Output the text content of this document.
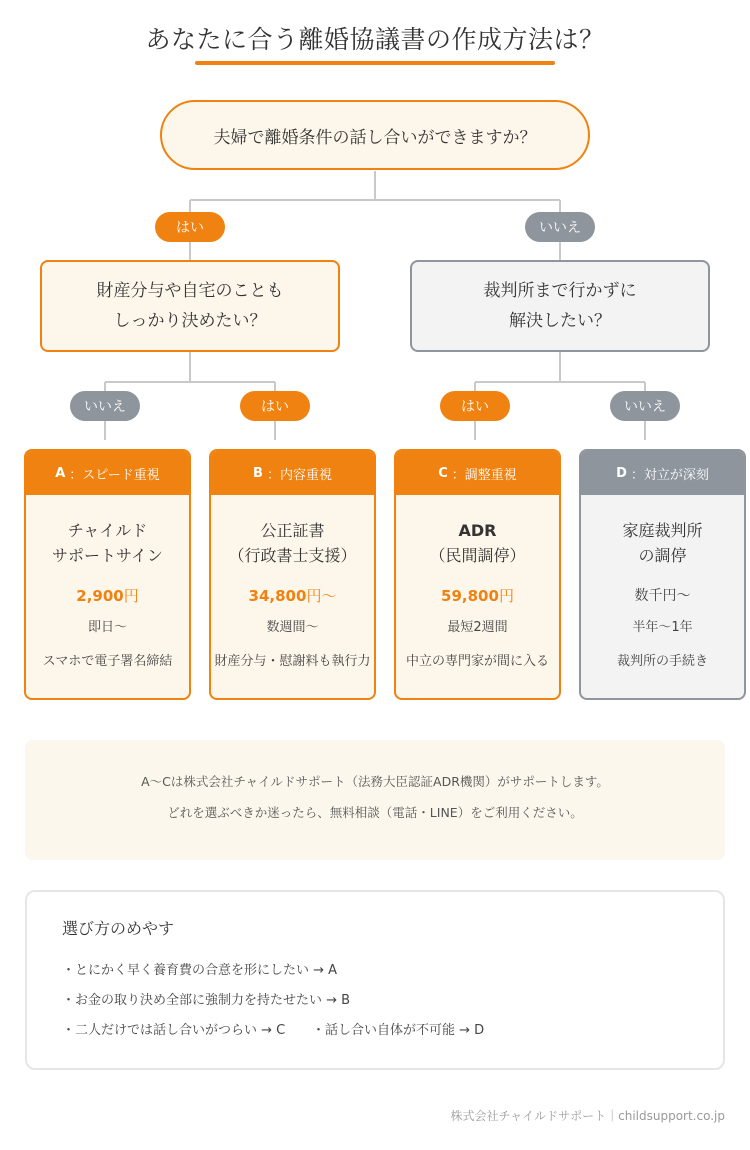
あなたに合う離婚協議書の作成方法は？
夫婦で離婚条件の話し合いができますか？
はい	いいえ
財産分与や自宅のことも
しっかり決めたい？
裁判所まで行かずに
解決したい？
いいえ	はい	はい	いいえ
A ：スピード重視
チャイルド
サポートサイン
2,900円
即日〜
スマホで電子署名締結
B ：内容重視
公正証書
（行政書士支援）
34,800円〜
数週間〜
財産分与・慰謝料も執行力
C ：調整重視
ADR
（民間調停）
59,800円
最短2週間
中立の専門家が間に入る
D ：対立が深刻
家庭裁判所
の調停
数千円〜
半年〜1年
裁判所の手続き

A〜Cは株式会社チャイルドサポート（法務大臣認証ADR機関）がサポートします。

どれを選ぶべきか迷ったら、無料相談（電話・LINE）をご利用ください。

選び方のめやす
・とにかく早く養育費の合意を形にしたい → A
・お金の取り決め全部に強制力を持たせたい → B
・二人だけでは話し合いがつらい → C ・話し合い自体が不可能 → D
株式会社チャイルドサポート｜childsupport.co.jp
